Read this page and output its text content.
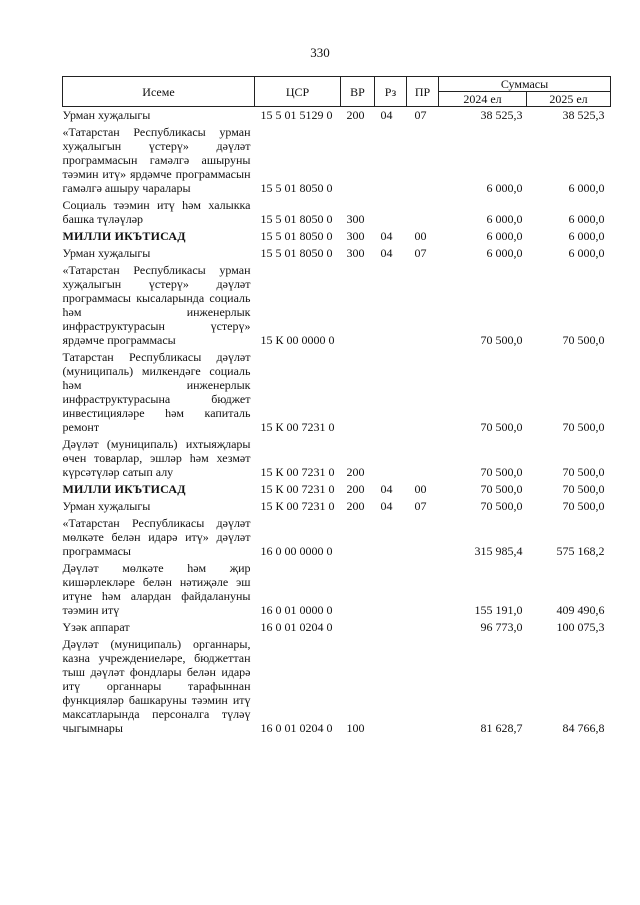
330
Исеме	ЦСР	ВР	Рз	ПР	Суммасы	
					2024 ел	2025 ел
Урман хуҗалыгы	15 5 01 5129 0	200	04	07	38 525,3	38 525,3
«Татарстан Республикасы урман хуҗалыгын үстерү» дәүләт программасын гамәлгә ашыруны тәэмин итү» ярдәмче программасын гамәлгә ашыру чаралары	15 5 01 8050 0				6 000,0	6 000,0
Социаль тәэмин итү һәм халыкка башка түләүләр	15 5 01 8050 0	300			6 000,0	6 000,0
МИЛЛИ ИКЪТИСАД	15 5 01 8050 0	300	04	00	6 000,0	6 000,0
Урман хуҗалыгы	15 5 01 8050 0	300	04	07	6 000,0	6 000,0
«Татарстан Республикасы урман хуҗалыгын үстерү» дәүләт программасы кысаларында социаль һәм инженерлык инфраструктурасын үстерү» ярдәмче программасы	15 К 00 0000 0				70 500,0	70 500,0
Татарстан Республикасы дәүләт (муниципаль) милкендәге социаль һәм инженерлык инфраструктурасына бюджет инвестицияләре һәм капиталь ремонт	15 К 00 7231 0				70 500,0	70 500,0
Дәүләт (муниципаль) ихтыяҗлары өчен товарлар, эшләр һәм хезмәт күрсәтүләр сатып алу	15 К 00 7231 0	200			70 500,0	70 500,0
МИЛЛИ ИКЪТИСАД	15 К 00 7231 0	200	04	00	70 500,0	70 500,0
Урман хуҗалыгы	15 К 00 7231 0	200	04	07	70 500,0	70 500,0
«Татарстан Республикасы дәүләт мөлкәте белән идарә итү» дәүләт программасы	16 0 00 0000 0				315 985,4	575 168,2
Дәүләт мөлкәте һәм җир кишәрлекләре белән нәтиҗәле эш итүне һәм алардан файдалануны тәэмин итү	16 0 01 0000 0				155 191,0	409 490,6
Үзәк аппарат	16 0 01 0204 0				96 773,0	100 075,3
Дәүләт (муниципаль) органнары, казна учреждениеләре, бюджеттан тыш дәүләт фондлары белән идарә итү органнары тарафыннан функцияләр башкаруны тәэмин итү максатларында персоналга түләү чыгымнары	16 0 01 0204 0	100			81 628,7	84 766,8
